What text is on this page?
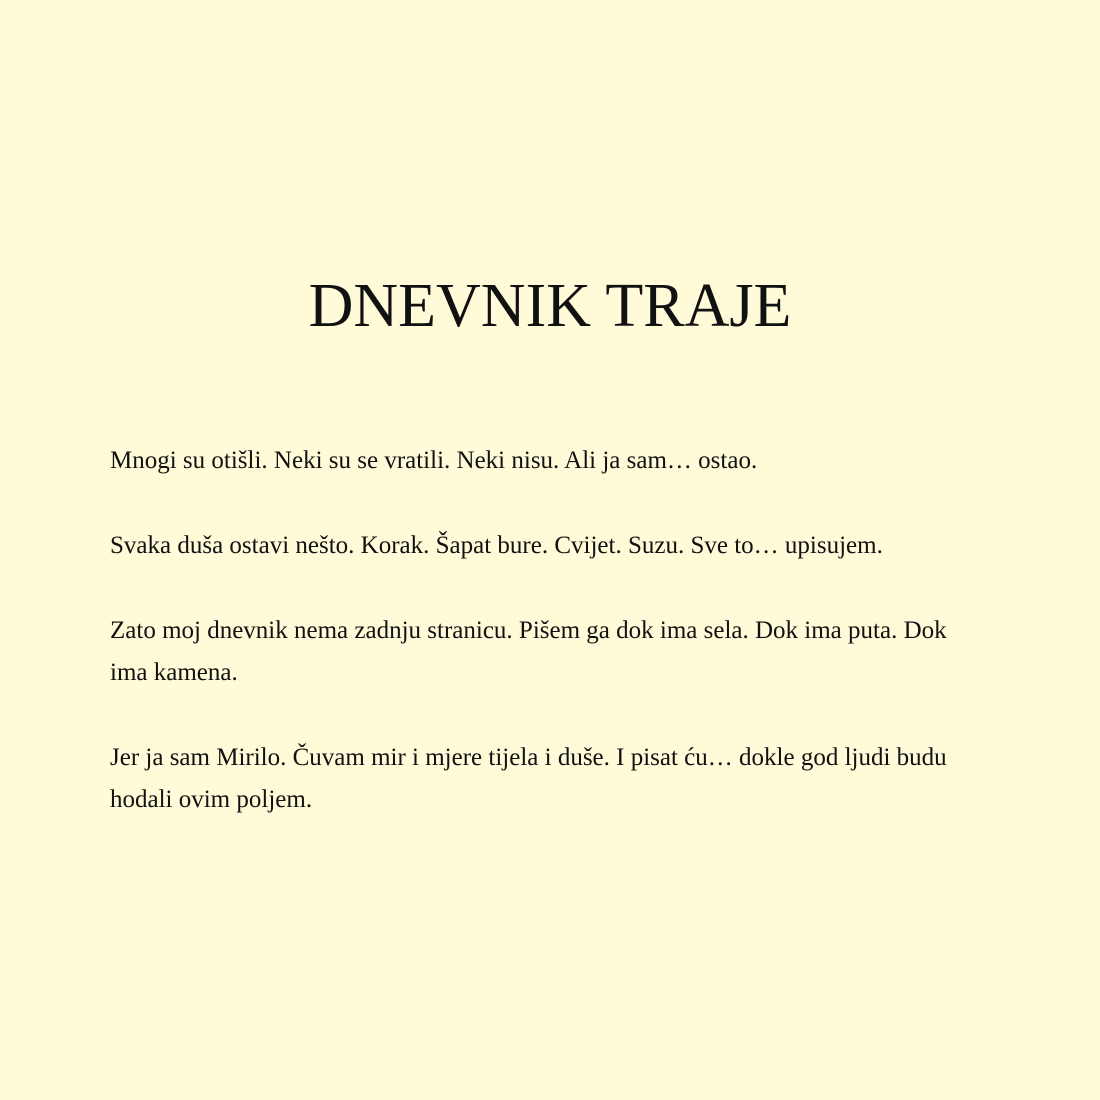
DNEVNIK TRAJE

Mnogi su otišli. Neki su se vratili. Neki nisu. Ali ja sam… ostao.

Svaka duša ostavi nešto. Korak. Šapat bure. Cvijet. Suzu. Sve to… upisujem.

Zato moj dnevnik nema zadnju stranicu. Pišem ga dok ima sela. Dok ima puta. Dok ima kamena.

Jer ja sam Mirilo. Čuvam mir i mjere tijela i duše. I pisat ću… dokle god ljudi budu hodali ovim poljem.
